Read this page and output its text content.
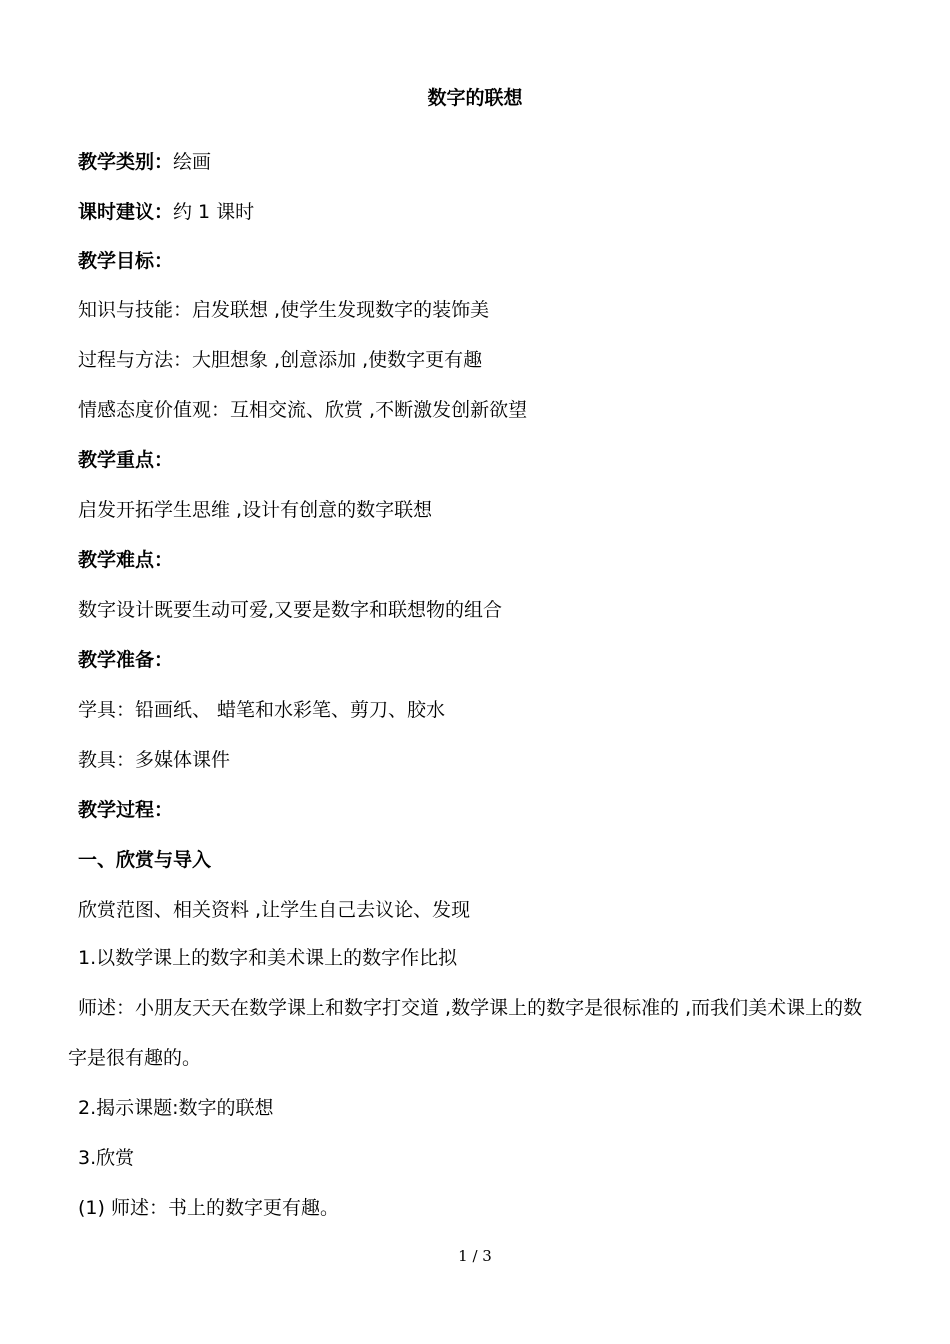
数字的联想
教学类别：绘画
课时建议：约 1 课时
教学目标：
知识与技能：启发联想 ,使学生发现数字的装饰美
过程与方法：大胆想象 ,创意添加 ,使数字更有趣
情感态度价值观：互相交流、欣赏 ,不断激发创新欲望
教学重点：
启发开拓学生思维 ,设计有创意的数字联想
教学难点：
数字设计既要生动可爱,又要是数字和联想物的组合
教学准备：
学具：铅画纸、 蜡笔和水彩笔、剪刀、胶水
教具：多媒体课件
教学过程：
一、欣赏与导入
欣赏范图、相关资料 ,让学生自己去议论、发现
1.以数学课上的数字和美术课上的数字作比拟
师述：小朋友天天在数学课上和数字打交道 ,数学课上的数字是很标准的 ,而我们美术课上的数
字是很有趣的。
2.揭示课题:数字的联想
3.欣赏
(1) 师述：书上的数字更有趣。
1 / 3
